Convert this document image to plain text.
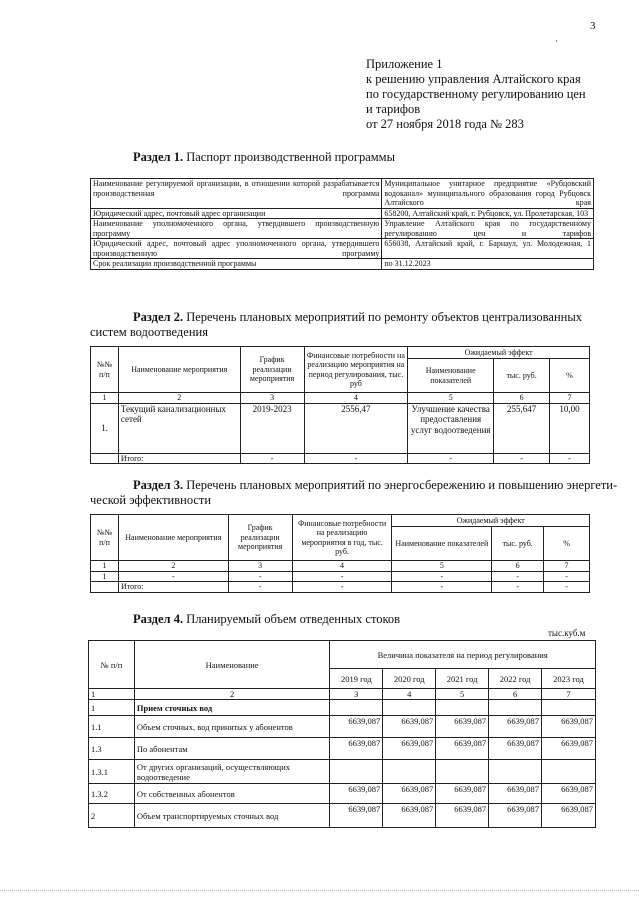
3
·
Приложение 1
к решению управления Алтайского края
по государственному регулированию цен
и тарифов
от 27 ноября 2018 года № 283
Раздел 1. Паспорт производственной программы
Наименование регулируемой организации, в отношении которой разрабатывается производственная программа	Муниципальное унитарное предприятие «Рубцовский водоканал» муниципального образования город Рубцовск Алтайского края
Юридический адрес, почтовый адрес организации	658200, Алтайский край, г. Рубцовск, ул. Пролетарская, 103
Наименование уполномоченного органа, утвердившего производственную программу	Управление Алтайского края по государственному регулированию цен и тарифов
Юридический адрес, почтовый адрес уполномоченного органа, утвердившего производственную программу	656038, Алтайский край, г. Барнаул, ул. Молодежная, 1
Срок реализации производственной программы	по 31.12.2023
Раздел 2. Перечень плановых мероприятий по ремонту объектов централизованных
систем водоотведения
№№ п/п	Наименование мероприятия	График реализации мероприятия	Финансовые потребности на реализацию мероприятия на период регулирования, тыс. руб	Ожидаемый эффект		
				Наименование показателей	тыс. руб.	%
1	2	3	4	5	6	7
1.	Текущий канализационных сетей	2019-2023	2556,47	Улучшение качества предоставления услуг водоотведения	255,647	10,00
	Итого:	-	-	-	-	-
Раздел 3. Перечень плановых мероприятий по энергосбережению и повышению энергети-
ческой эффективности
№№ п/п	Наименование мероприятия	График реализации мероприятия	Финансовые потребности на реализацию мероприятия в год, тыс. руб.	Ожидаемый эффект		
				Наименование показателей	тыс. руб.	%
1	2	3	4	5	6	7
1	-	-	-	-	-	-
	Итого:	-	-	-	-	-
Раздел 4. Планируемый объем отведенных стоков
тыс.куб.м
№ п/п	Наименование	Величина показателя на период регулирования				
		2019 год	2020 год	2021 год	2022 год	2023 год
1	2	3	4	5	6	7
1	Прием сточных вод					
1.1	Объем сточных, вод принятых у абонентов	6639,087	6639,087	6639,087	6639,087	6639,087
1.3	По абонентам	6639,087	6639,087	6639,087	6639,087	6639,087
1.3.1	От других организаций, осуществляющих водоотведение					
1.3.2	От собственных абонентов	6639,087	6639,087	6639,087	6639,087	6639,087
2	Объем транспортируемых сточных вод	6639,087	6639,087	6639,087	6639,087	6639,087
